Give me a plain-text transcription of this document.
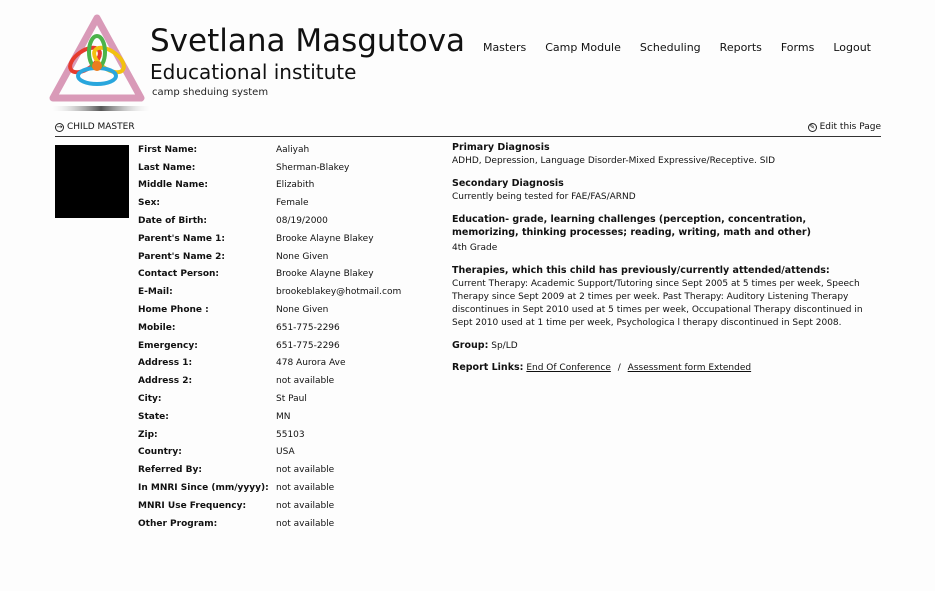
Svetlana Masgutova
Educational institute
camp sheduing system
Masters Camp Module Scheduling Reports Forms Logout
→ CHILD MASTER	✎ Edit this Page
First Name:	Aaliyah
Last Name:	Sherman-Blakey
Middle Name:	Elizabith
Sex:	Female
Date of Birth:	08/19/2000
Parent's Name 1:	Brooke Alayne Blakey
Parent's Name 2:	None Given
Contact Person:	Brooke Alayne Blakey
E-Mail:	brookeblakey@hotmail.com
Home Phone :	None Given
Mobile:	651-775-2296
Emergency:	651-775-2296
Address 1:	478 Aurora Ave
Address 2:	not available
City:	St Paul
State:	MN
Zip:	55103
Country:	USA
Referred By:	not available
In MNRI Since (mm/yyyy): not available
MNRI Use Frequency:	not available
Other Program:	not available
Primary Diagnosis
ADHD, Depression, Language Disorder-Mixed Expressive/Receptive. SID
Secondary Diagnosis
Currently being tested for FAE/FAS/ARND
Education- grade, learning challenges (perception, concentration, memorizing, thinking processes; reading, writing, math and other)
4th Grade
Therapies, which this child has previously/currently attended/attends:
Current Therapy: Academic Support/Tutoring since Sept 2005 at 5 times per week, Speech Therapy since Sept 2009 at 2 times per week. Past Therapy: Auditory Listening Therapy discontinues in Sept 2010 used at 5 times per week, Occupational Therapy discontinued in Sept 2010 used at 1 time per week, Psychologica l therapy discontinued in Sept 2008.
Group: Sp/LD
Report Links: End Of Conference / Assessment form Extended
